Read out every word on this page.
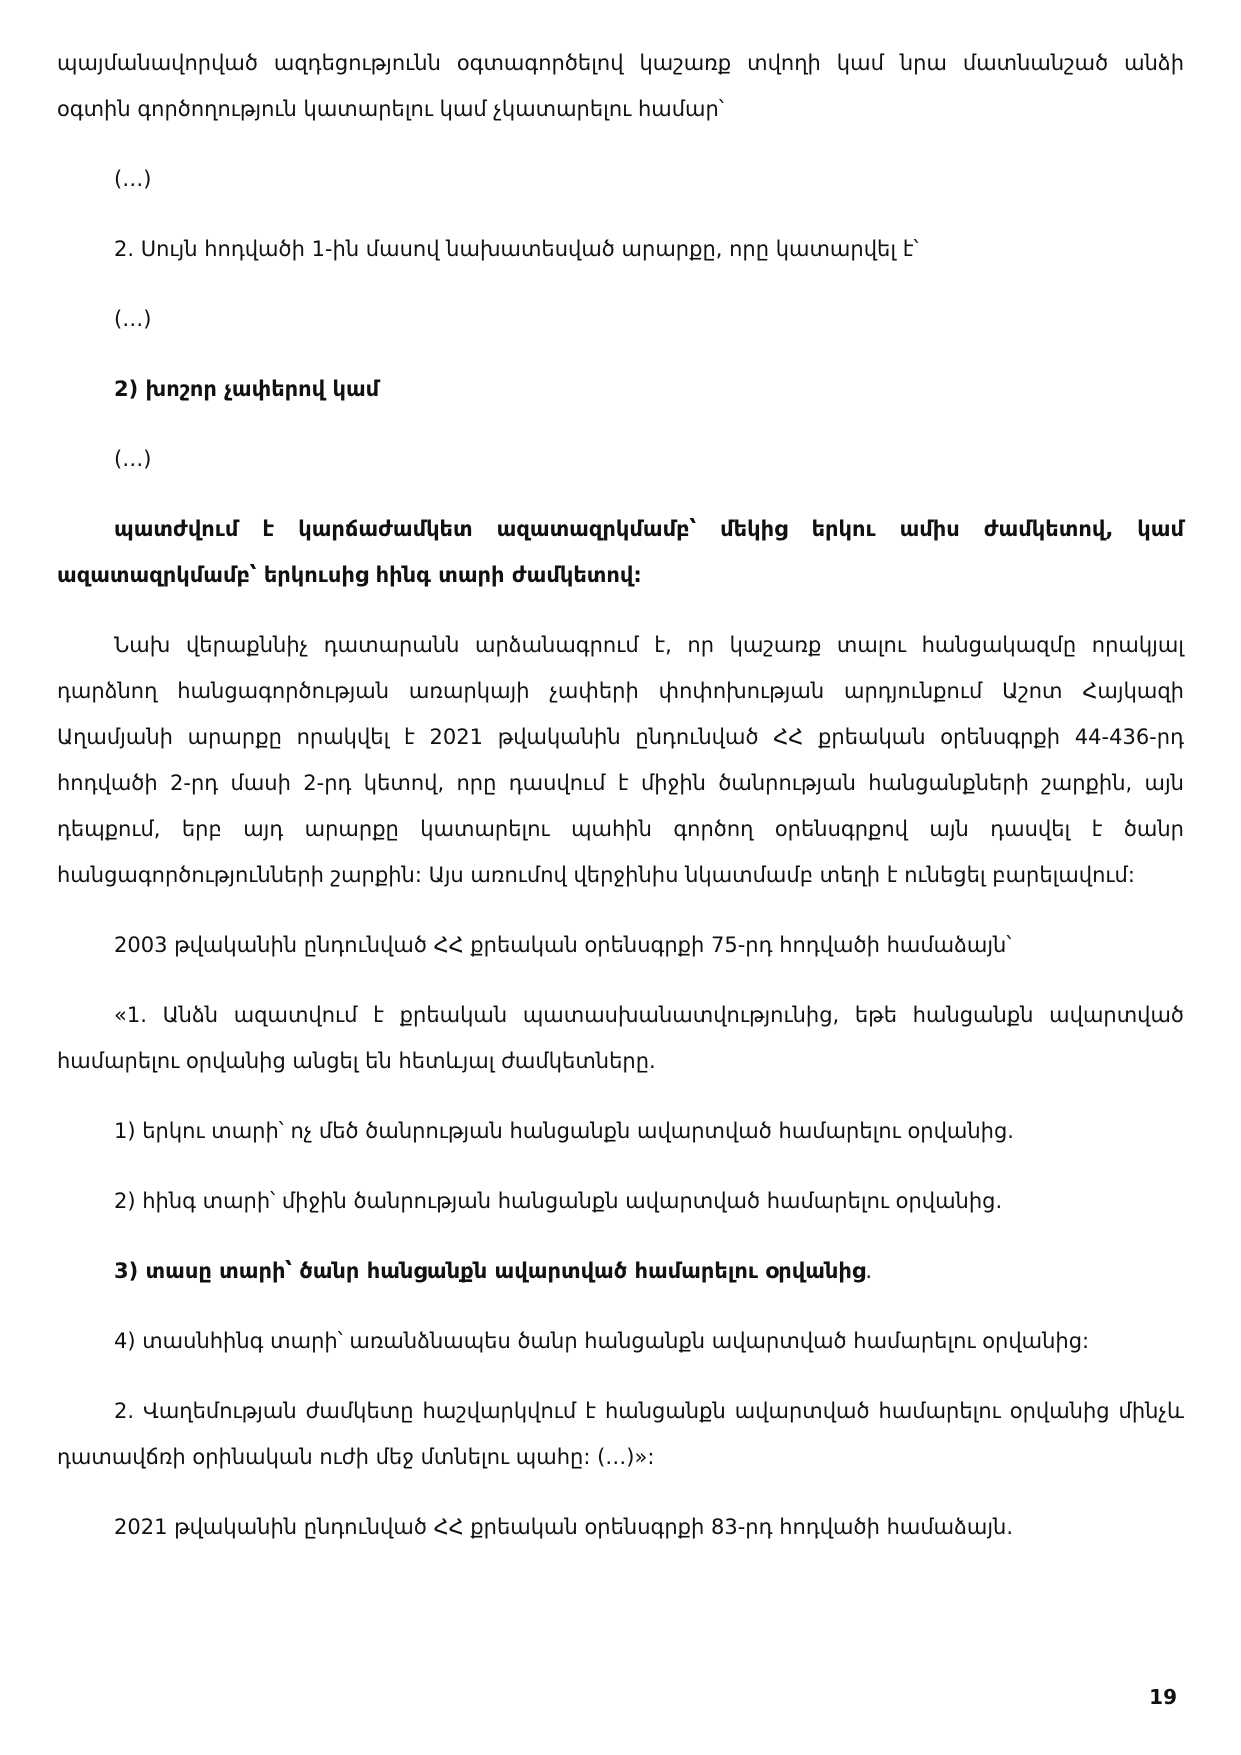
պայմանավորված ազդեցությունն օգտագործելով կաշառք տվողի կամ նրա մատնանշած անձի օգտին գործողություն կատարելու կամ չկատարելու համար՝

(…)

2. Սույն հոդվածի 1-ին մասով նախատեսված արարքը, որը կատարվել է՝

(…)

2) խոշոր չափերով կամ

(…)

պատժվում է կարճաժամկետ ազատազրկմամբ՝ մեկից երկու ամիս ժամկետով, կամ ազատազրկմամբ՝ երկուսից հինգ տարի ժամկետով:

Նախ վերաքննիչ դատարանն արձանագրում է, որ կաշառք տալու հանցակազմը որակյալ դարձնող հանցագործության առարկայի չափերի փոփոխության արդյունքում Աշոտ Հայկազի Աղամյանի արարքը որակվել է 2021 թվականին ընդունված ՀՀ քրեական օրենսգրքի 44-436-րդ հոդվածի 2-րդ մասի 2-րդ կետով, որը դասվում է միջին ծանրության հանցանքների շարքին, այն դեպքում, երբ այդ արարքը կատարելու պահին գործող օրենսգրքով այն դասվել է ծանր հանցագործությունների շարքին: Այս առումով վերջինիս նկատմամբ տեղի է ունեցել բարելավում:

2003 թվականին ընդունված ՀՀ քրեական օրենսգրքի 75-րդ հոդվածի համաձայն՝

«1. Անձն ազատվում է քրեական պատասխանատվությունից, եթե հանցանքն ավարտված համարելու օրվանից անցել են հետևյալ ժամկետները.

1) երկու տարի՝ ոչ մեծ ծանրության հանցանքն ավարտված համարելու օրվանից.

2) հինգ տարի՝ միջին ծանրության հանցանքն ավարտված համարելու օրվանից.

3) տասը տարի՝ ծանր հանցանքն ավարտված համարելու օրվանից.

4) տասնհինգ տարի՝ առանձնապես ծանր հանցանքն ավարտված համարելու օրվանից:

2. Վաղեմության ժամկետը հաշվարկվում է հանցանքն ավարտված համարելու օրվանից մինչև դատավճռի օրինական ուժի մեջ մտնելու պահը: (…)»:

2021 թվականին ընդունված ՀՀ քրեական օրենսգրքի 83-րդ հոդվածի համաձայն.

19
